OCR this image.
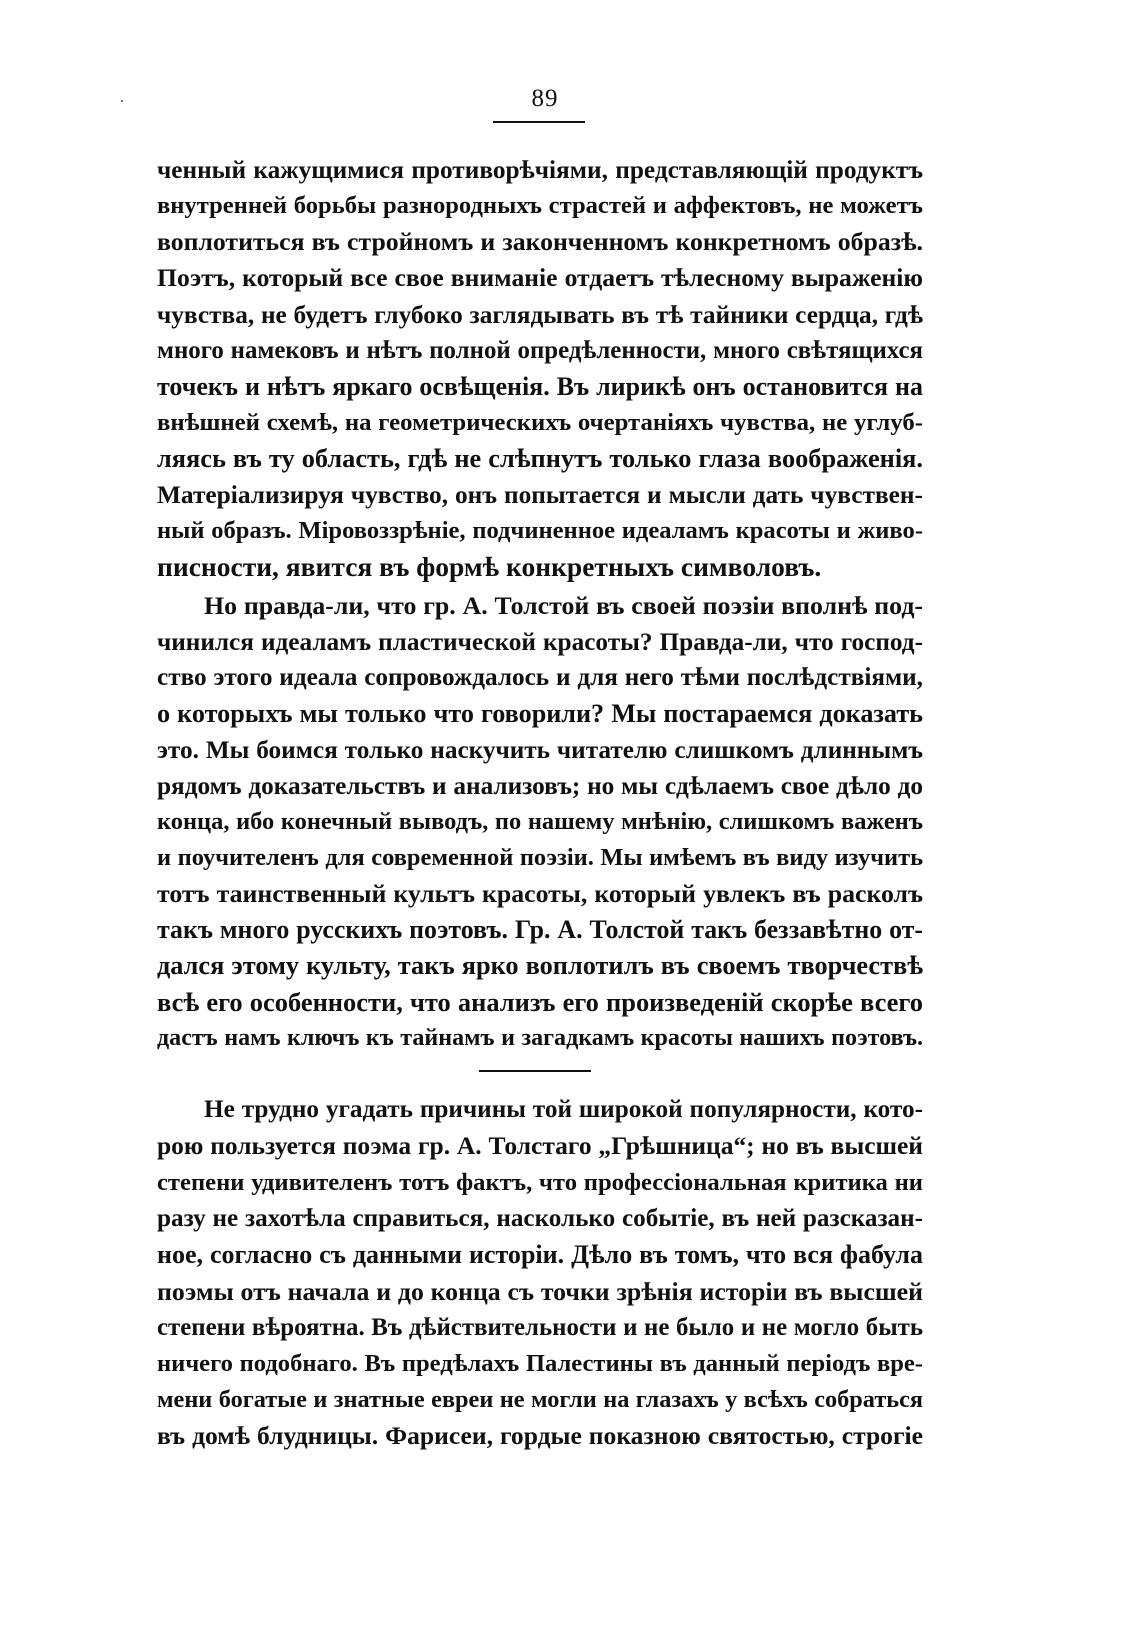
89
ченный кажущимися противорѣчіями, представляющій продуктъ
внутренней борьбы разнородныхъ страстей и аффектовъ, не можетъ
воплотиться въ стройномъ и законченномъ конкретномъ образѣ.
Поэтъ, который все свое вниманіе отдаетъ тѣлесному выраженію
чувства, не будетъ глубоко заглядывать въ тѣ тайники сердца, гдѣ
много намековъ и нѣтъ полной опредѣленности, много свѣтящихся
точекъ и нѣтъ яркаго освѣщенія. Въ лирикѣ онъ остановится на
внѣшней схемѣ, на геометрическихъ очертаніяхъ чувства, не углуб-
ляясь въ ту область, гдѣ не слѣпнутъ только глаза воображенія.
Матеріализируя чувство, онъ попытается и мысли дать чувствен-
ный образъ. Міровоззрѣніе, подчиненное идеаламъ красоты и живо-
писности, явится въ формѣ конкретныхъ символовъ.
Но правда-ли, что гр. А. Толстой въ своей поэзіи вполнѣ под-
чинился идеаламъ пластической красоты? Правда-ли, что господ-
ство этого идеала сопровождалось и для него тѣми послѣдствіями,
о которыхъ мы только что говорили? Мы постараемся доказать
это. Мы боимся только наскучить читателю слишкомъ длиннымъ
рядомъ доказательствъ и анализовъ; но мы сдѣлаемъ свое дѣло до
конца, ибо конечный выводъ, по нашему мнѣнію, слишкомъ важенъ
и поучителенъ для современной поэзіи. Мы имѣемъ въ виду изучить
тотъ таинственный культъ красоты, который увлекъ въ расколъ
такъ много русскихъ поэтовъ. Гр. А. Толстой такъ беззавѣтно от-
дался этому культу, такъ ярко воплотилъ въ своемъ творчествѣ
всѣ его особенности, что анализъ его произведеній скорѣе всего
дастъ намъ ключъ къ тайнамъ и загадкамъ красоты нашихъ поэтовъ.
Не трудно угадать причины той широкой популярности, кото-
рою пользуется поэма гр. А. Толстаго „Грѣшница“; но въ высшей
степени удивителенъ тотъ фактъ, что профессіональная критика ни
разу не захотѣла справиться, насколько событіе, въ ней разсказан-
ное, согласно съ данными исторіи. Дѣло въ томъ, что вся фабула
поэмы отъ начала и до конца съ точки зрѣнія исторіи въ высшей
степени вѣроятна. Въ дѣйствительности и не было и не могло быть
ничего подобнаго. Въ предѣлахъ Палестины въ данный періодъ вре-
мени богатые и знатные евреи не могли на глазахъ у всѣхъ собраться
въ домѣ блудницы. Фарисеи, гордые показною святостью, строгіе
